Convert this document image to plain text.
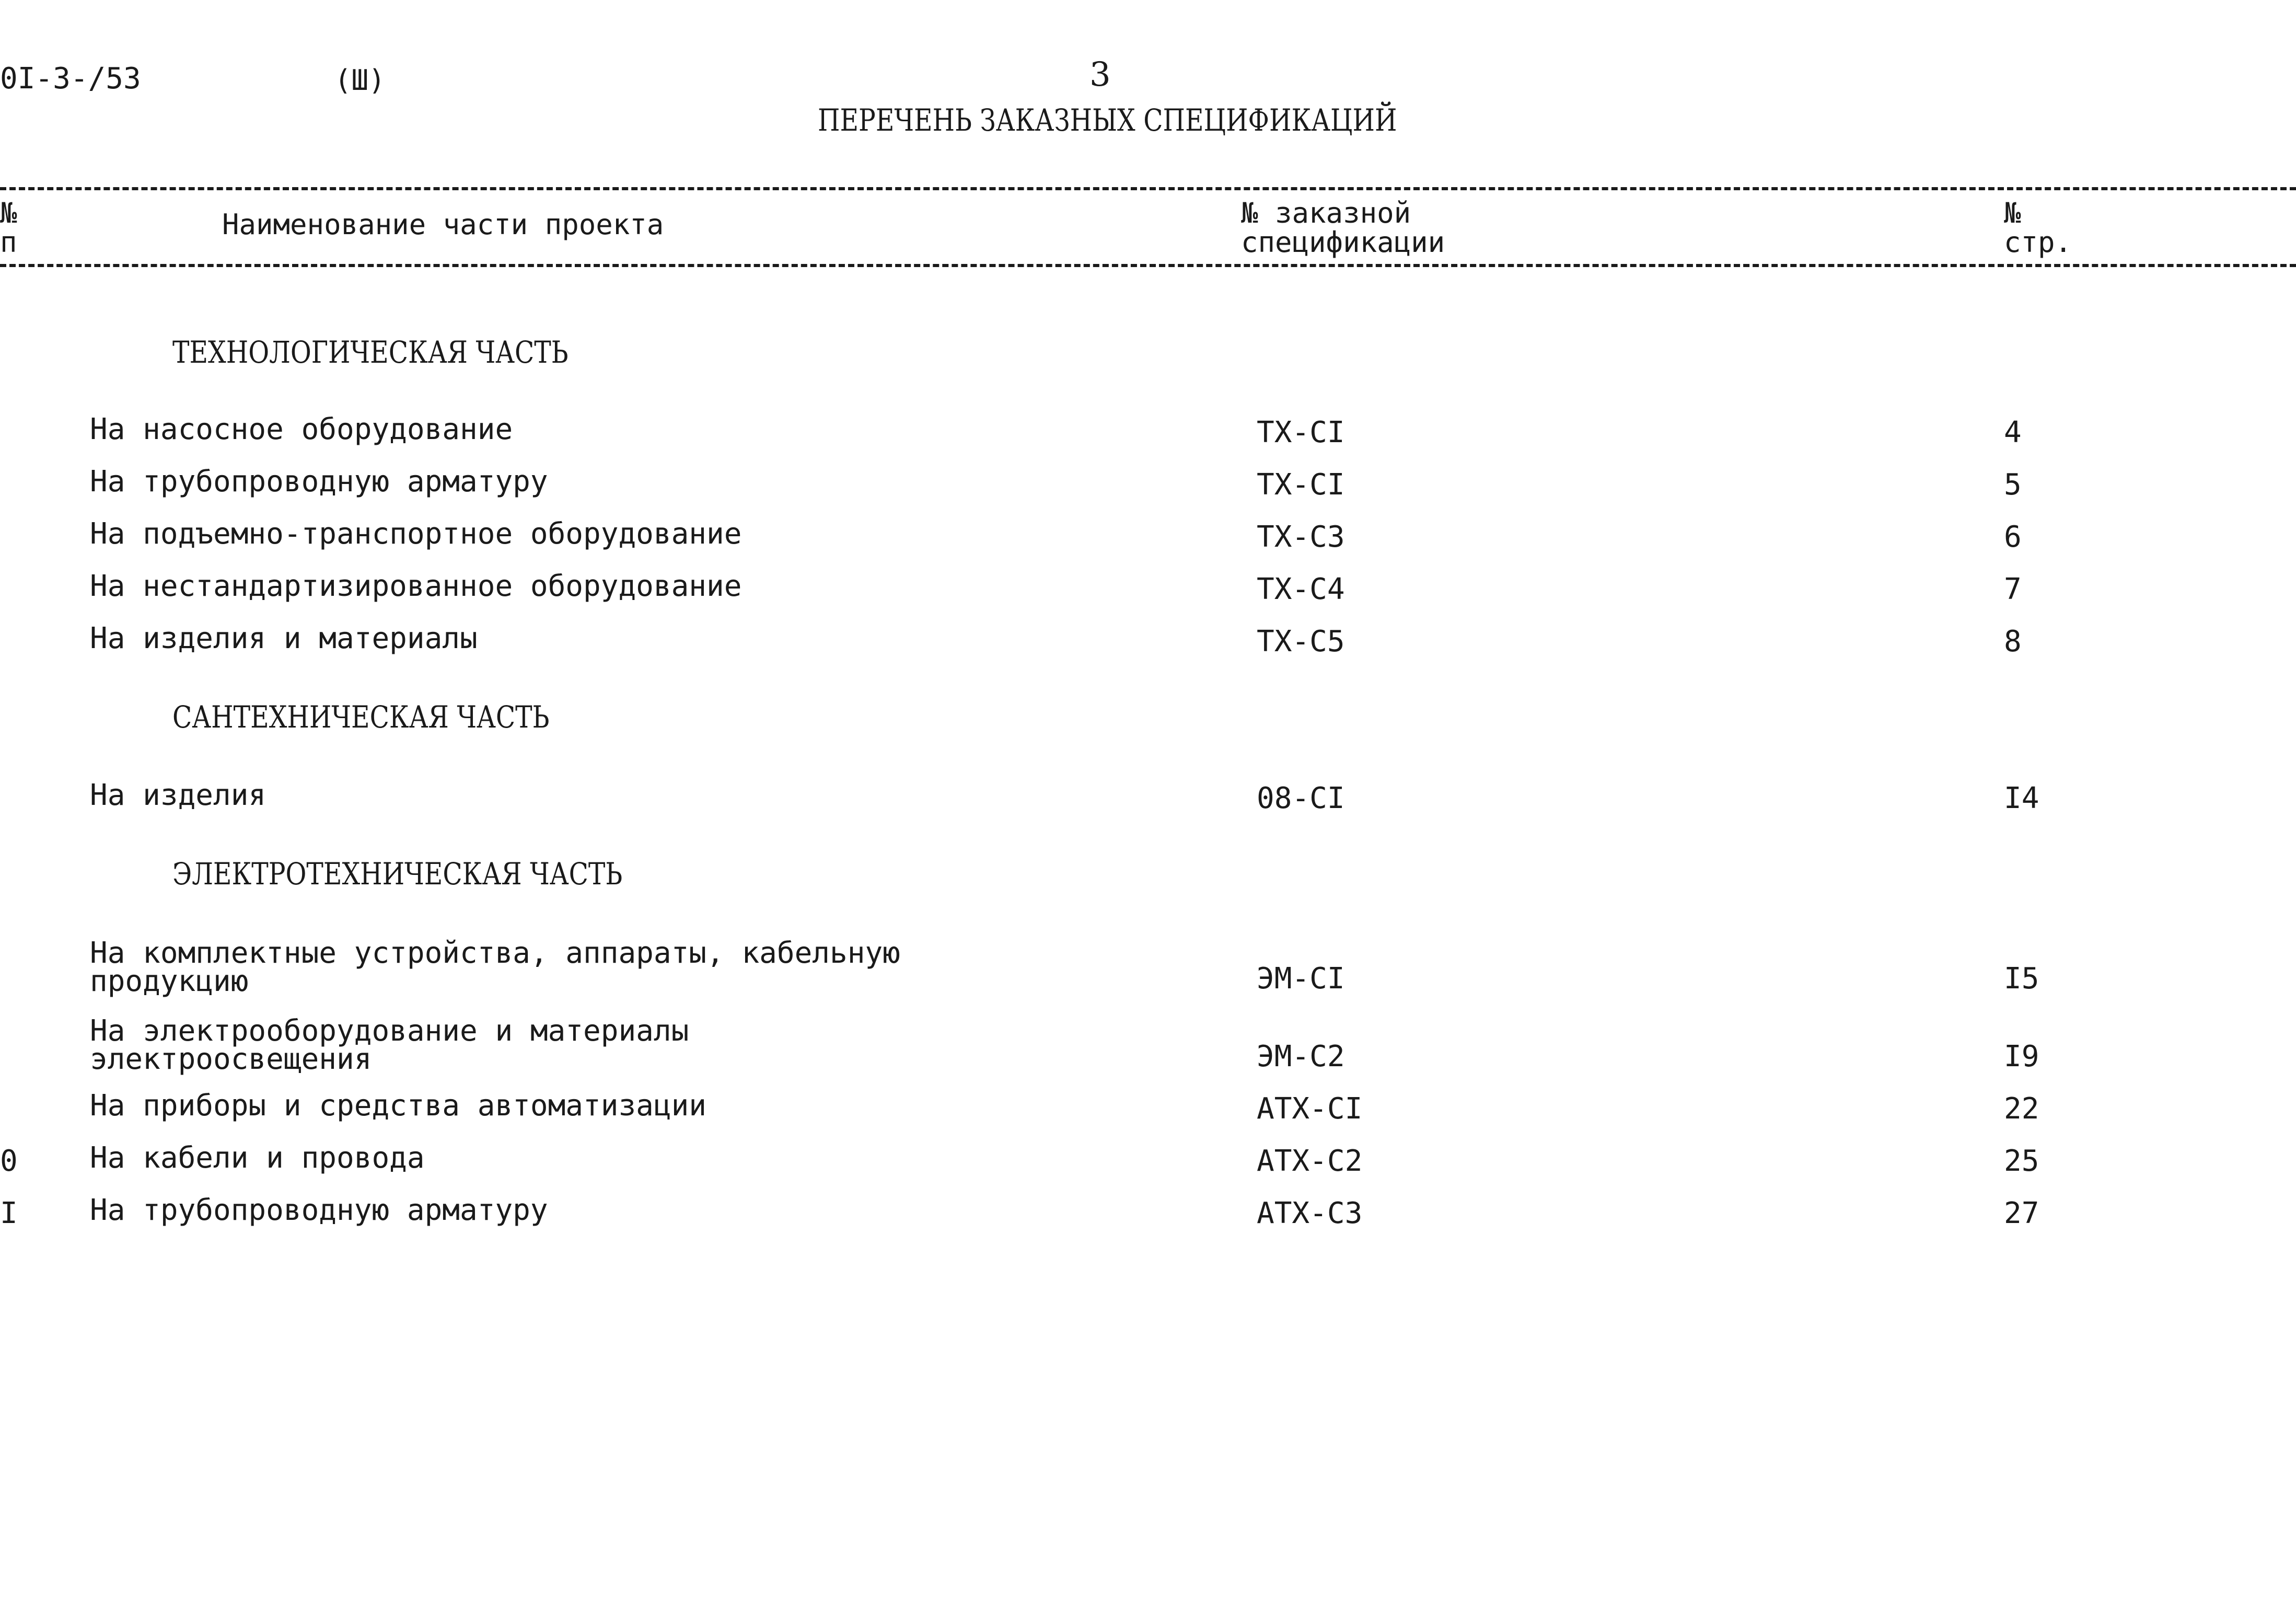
0I-3-/53	(Ш)	3
ПЕРЕЧЕНЬ ЗАКАЗНЫХ СПЕЦИФИКАЦИЙ
№
п
Наименование части проекта	№ заказной
спецификации
№
стр.
ТЕХНОЛОГИЧЕСКАЯ ЧАСТЬ
На насосное оборудование	ТХ-СI	4
На трубопроводную арматуру	ТХ-СI	5
На подъемно-транспортное оборудование	ТХ-С3	6
На нестандартизированное оборудование	ТХ-С4	7
На изделия и материалы	ТХ-С5	8
САНТЕХНИЧЕСКАЯ ЧАСТЬ
На изделия	08-СI	I4
ЭЛЕКТРОТЕХНИЧЕСКАЯ ЧАСТЬ
На комплектные устройства, аппараты, кабельную
продукцию	ЭМ-СI	I5
На электрооборудование и материалы
электроосвещения	ЭМ-С2	I9
На приборы и средства автоматизации	АТХ-СI	22
0 На кабели и провода	АТХ-С2	25
I На трубопроводную арматуру	АТХ-С3	27
